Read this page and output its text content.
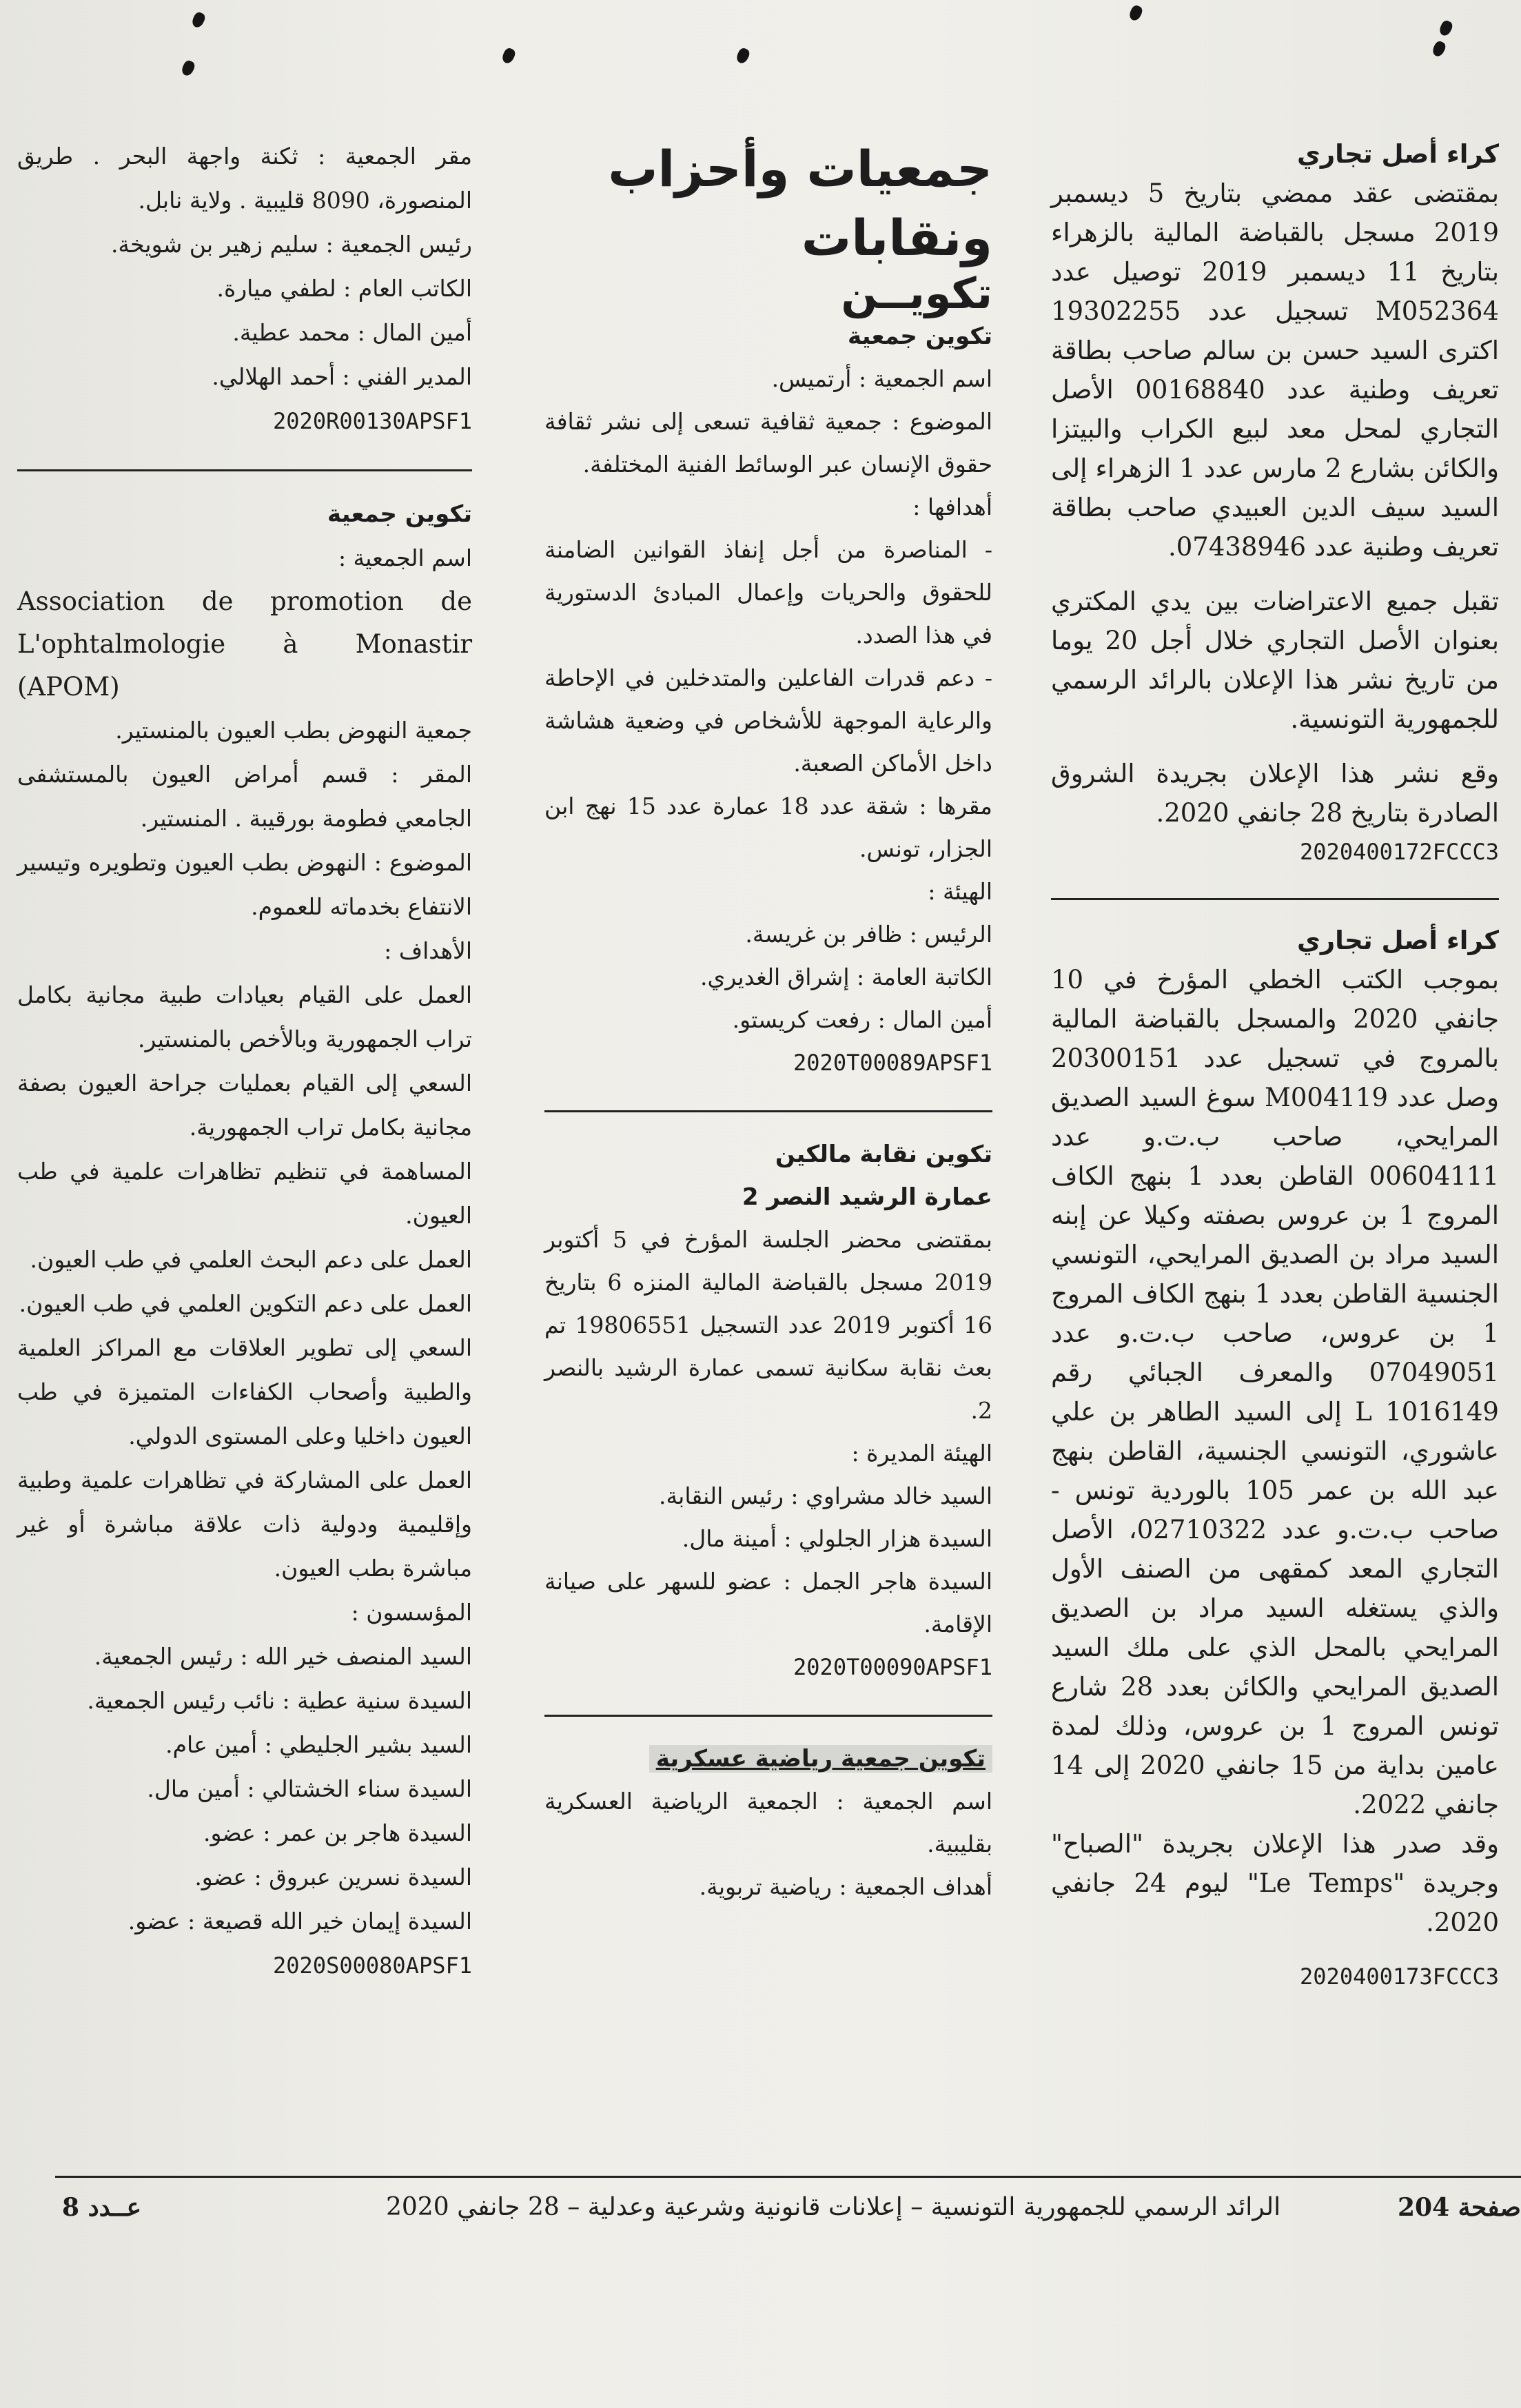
كراء أصل تجاري

بمقتضى عقد ممضي بتاريخ 5 ديسمبر 2019 مسجل بالقباضة المالية بالزهراء بتاريخ 11 ديسمبر 2019 توصيل عدد M052364 تسجيل عدد 19302255 اكترى السيد حسن بن سالم صاحب بطاقة تعريف وطنية عدد 00168840 الأصل التجاري لمحل معد لبيع الكراب والبيتزا والكائن بشارع 2 مارس عدد 1 الزهراء إلى السيد سيف الدين العبيدي صاحب بطاقة تعريف وطنية عدد 07438946.

تقبل جميع الاعتراضات بين يدي المكتري بعنوان الأصل التجاري خلال أجل 20 يوما من تاريخ نشر هذا الإعلان بالرائد الرسمي للجمهورية التونسية.

وقع نشر هذا الإعلان بجريدة الشروق الصادرة بتاريخ 28 جانفي 2020.

2020400172FCCC3

كراء أصل تجاري

بموجب الكتب الخطي المؤرخ في 10 جانفي 2020 والمسجل بالقباضة المالية بالمروج في تسجيل عدد 20300151 وصل عدد M004119 سوغ السيد الصديق المرايحي، صاحب ب.ت.و عدد 00604111 القاطن بعدد 1 بنهج الكاف المروج 1 بن عروس بصفته وكيلا عن إبنه السيد مراد بن الصديق المرايحي، التونسي الجنسية القاطن بعدد 1 بنهج الكاف المروج 1 بن عروس، صاحب ب.ت.و عدد 07049051 والمعرف الجبائي رقم 1016149 L إلى السيد الطاهر بن علي عاشوري، التونسي الجنسية، القاطن بنهج عبد الله بن عمر 105 بالوردية تونس - صاحب ب.ت.و عدد 02710322، الأصل التجاري المعد كمقهى من الصنف الأول والذي يستغله السيد مراد بن الصديق المرايحي بالمحل الذي على ملك السيد الصديق المرايحي والكائن بعدد 28 شارع تونس المروج 1 بن عروس، وذلك لمدة عامين بداية من 15 جانفي 2020 إلى 14 جانفي 2022.

وقد صدر هذا الإعلان بجريدة "الصباح" وجريدة "Le Temps" ليوم 24 جانفي 2020.

2020400173FCCC3

جمعيات وأحزاب ونقابات

تكويــن

تكوين جمعية

اسم الجمعية : أرتميس.

الموضوع : جمعية ثقافية تسعى إلى نشر ثقافة حقوق الإنسان عبر الوسائط الفنية المختلفة.

أهدافها :

- المناصرة من أجل إنفاذ القوانين الضامنة للحقوق والحريات وإعمال المبادئ الدستورية في هذا الصدد.

- دعم قدرات الفاعلين والمتدخلين في الإحاطة والرعاية الموجهة للأشخاص في وضعية هشاشة داخل الأماكن الصعبة.

مقرها : شقة عدد 18 عمارة عدد 15 نهج ابن الجزار، تونس.

الهيئة :

الرئيس : ظافر بن غريسة.

الكاتبة العامة : إشراق الغديري.

أمين المال : رفعت كريستو.

2020T00089APSF1

تكوين نقابة مالكين

عمارة الرشيد النصر 2

بمقتضى محضر الجلسة المؤرخ في 5 أكتوبر 2019 مسجل بالقباضة المالية المنزه 6 بتاريخ 16 أكتوبر 2019 عدد التسجيل 19806551 تم بعث نقابة سكانية تسمى عمارة الرشيد بالنصر 2.

الهيئة المديرة :

السيد خالد مشراوي : رئيس النقابة.

السيدة هزار الجلولي : أمينة مال.

السيدة هاجر الجمل : عضو للسهر على صيانة الإقامة.

2020T00090APSF1

تكوين جمعية رياضية عسكرية

اسم الجمعية : الجمعية الرياضية العسكرية بقليبية.

أهداف الجمعية : رياضية تربوية.

مقر الجمعية : ثكنة واجهة البحر . طريق المنصورة، 8090 قليبية . ولاية نابل.

رئيس الجمعية : سليم زهير بن شويخة.

الكاتب العام : لطفي ميارة.

أمين المال : محمد عطية.

المدير الفني : أحمد الهلالي.

2020R00130APSF1

تكوين جمعية

اسم الجمعية :

Association de promotion de L'ophtalmologie à Monastir (APOM)

جمعية النهوض بطب العيون بالمنستير.

المقر : قسم أمراض العيون بالمستشفى الجامعي فطومة بورقيبة . المنستير.

الموضوع : النهوض بطب العيون وتطويره وتيسير الانتفاع بخدماته للعموم.

الأهداف :

العمل على القيام بعيادات طبية مجانية بكامل تراب الجمهورية وبالأخص بالمنستير.

السعي إلى القيام بعمليات جراحة العيون بصفة مجانية بكامل تراب الجمهورية.

المساهمة في تنظيم تظاهرات علمية في طب العيون.

العمل على دعم البحث العلمي في طب العيون.

العمل على دعم التكوين العلمي في طب العيون.

السعي إلى تطوير العلاقات مع المراكز العلمية والطبية وأصحاب الكفاءات المتميزة في طب العيون داخليا وعلى المستوى الدولي.

العمل على المشاركة في تظاهرات علمية وطبية وإقليمية ودولية ذات علاقة مباشرة أو غير مباشرة بطب العيون.

المؤسسون :

السيد المنصف خير الله : رئيس الجمعية.

السيدة سنية عطية : نائب رئيس الجمعية.

السيد بشير الجليطي : أمين عام.

السيدة سناء الخشتالي : أمين مال.

السيدة هاجر بن عمر : عضو.

السيدة نسرين عبروق : عضو.

السيدة إيمان خير الله قصيعة : عضو.

2020S00080APSF1

صفحة 204
الرائد الرسمي للجمهورية التونسية – إعلانات قانونية وشرعية وعدلية – 28 جانفي 2020
عــدد 8
